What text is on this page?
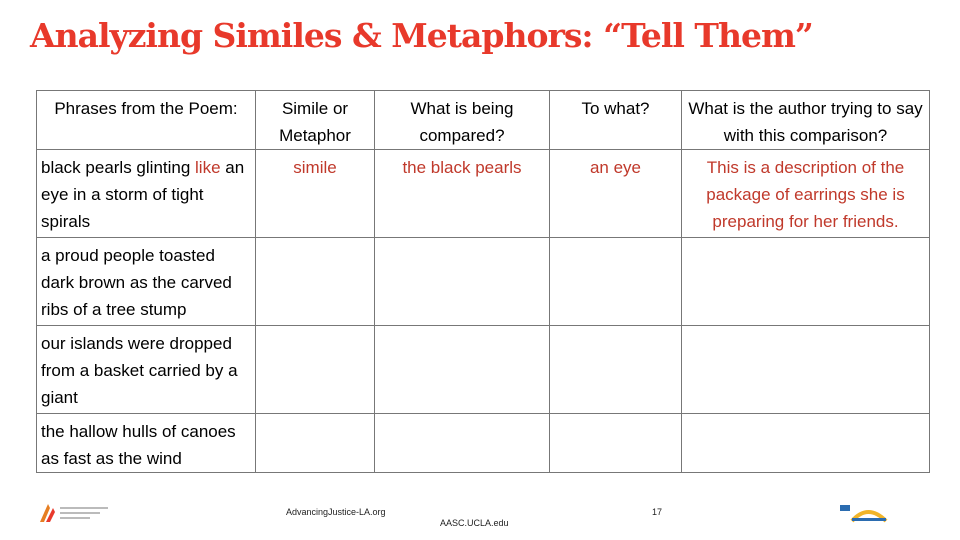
Analyzing Similes & Metaphors: “Tell Them”
Phrases from the Poem:	Simile or Metaphor	What is being compared?	To what?	What is the author trying to say with this comparison?
black pearls glinting like an eye in a storm of tight spirals	simile	the black pearls	an eye	This is a description of the package of earrings she is preparing for her friends.
a proud people toasted dark brown as the carved ribs of a tree stump				
our islands were dropped from a basket carried by a giant				
the hallow hulls of canoes as fast as the wind				
AdvancingJustice-LA.org
AASC.UCLA.edu
17
